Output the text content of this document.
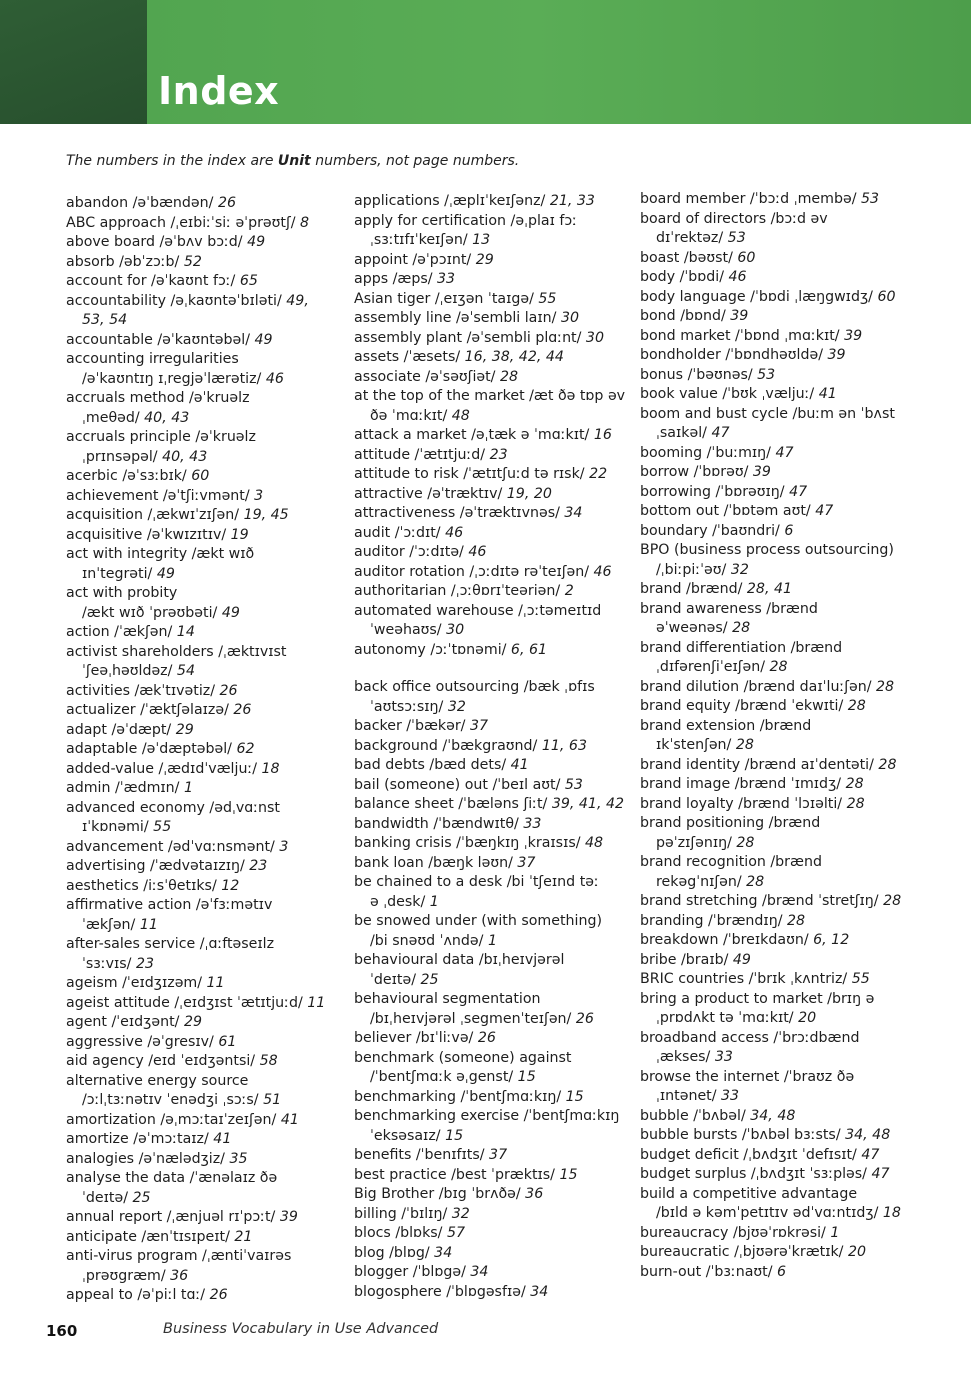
Index
The numbers in the index are Unit numbers, not page numbers.
abandon /əˈbændən/ 26
ABC approach /ˌeɪbiːˈsiː əˈprəʊtʃ/ 8
above board /əˈbʌv bɔːd/ 49
absorb /əbˈzɔːb/ 52
account for /əˈkaʊnt fɔː/ 65
accountability /əˌkaʊntəˈbɪləti/ 49,
53, 54
accountable /əˈkaʊntəbəl/ 49
accounting irregularities
/əˈkaʊntɪŋ ɪˌregjəˈlærətiz/ 46
accruals method /əˈkruəlz
ˌmeθəd/ 40, 43
accruals principle /əˈkruəlz
ˌprɪnsəpəl/ 40, 43
acerbic /əˈsɜːbɪk/ 60
achievement /əˈtʃiːvmənt/ 3
acquisition /ˌækwɪˈzɪʃən/ 19, 45
acquisitive /əˈkwɪzɪtɪv/ 19
act with integrity /ækt wɪð
ɪnˈtegrəti/ 49
act with probity
/ækt wɪð ˈprəʊbəti/ 49
action /ˈækʃən/ 14
activist shareholders /ˌæktɪvɪst
ˈʃeəˌhəʊldəz/ 54
activities /ækˈtɪvətiz/ 26
actualizer /ˈæktʃəlaɪzə/ 26
adapt /əˈdæpt/ 29
adaptable /əˈdæptəbəl/ 62
added-value /ˌædɪdˈvæljuː/ 18
admin /ˈædmɪn/ 1
advanced economy /ədˌvɑːnst
ɪˈkɒnəmi/ 55
advancement /ədˈvɑːnsmənt/ 3
advertising /ˈædvətaɪzɪŋ/ 23
aesthetics /iːsˈθetɪks/ 12
affirmative action /əˈfɜːmətɪv
ˈækʃən/ 11
after-sales service /ˌɑːftəseɪlz
ˈsɜːvɪs/ 23
ageism /ˈeɪdʒɪzəm/ 11
ageist attitude /ˌeɪdʒɪst ˈætɪtjuːd/ 11
agent /ˈeɪdʒənt/ 29
aggressive /əˈgresɪv/ 61
aid agency /eɪd ˈeɪdʒəntsi/ 58
alternative energy source
/ɔːlˌtɜːnətɪv ˈenədʒi ˌsɔːs/ 51
amortization /əˌmɔːtaɪˈzeɪʃən/ 41
amortize /əˈmɔːtaɪz/ 41
analogies /əˈnælədʒiz/ 35
analyse the data /ˈænəlaɪz ðə
ˈdeɪtə/ 25
annual report /ˌænjuəl rɪˈpɔːt/ 39
anticipate /ænˈtɪsɪpeɪt/ 21
anti-virus program /ˌæntiˈvaɪrəs
ˌprəʊgræm/ 36
appeal to /əˈpiːl tɑː/ 26
applications /ˌæplɪˈkeɪʃənz/ 21, 33
apply for certification /əˌplaɪ fɔː
ˌsɜːtɪfɪˈkeɪʃən/ 13
appoint /əˈpɔɪnt/ 29
apps /æps/ 33
Asian tiger /ˌeɪʒən ˈtaɪgə/ 55
assembly line /əˈsembli laɪn/ 30
assembly plant /əˈsembli plɑːnt/ 30
assets /ˈæsets/ 16, 38, 42, 44
associate /əˈsəʊʃiət/ 28
at the top of the market /æt ðə tɒp əv
ðə ˈmɑːkɪt/ 48
attack a market /əˌtæk ə ˈmɑːkɪt/ 16
attitude /ˈætɪtjuːd/ 23
attitude to risk /ˈætɪtʃuːd tə rɪsk/ 22
attractive /əˈtræktɪv/ 19, 20
attractiveness /əˈtræktɪvnəs/ 34
audit /ˈɔːdɪt/ 46
auditor /ˈɔːdɪtə/ 46
auditor rotation /ˌɔːdɪtə rəˈteɪʃən/ 46
authoritarian /ˌɔːθɒrɪˈteəriən/ 2
automated warehouse /ˌɔːtəmeɪtɪd
ˈweəhaʊs/ 30
autonomy /ɔːˈtɒnəmi/ 6, 61
back office outsourcing /bæk ˌɒfɪs
ˈaʊtsɔːsɪŋ/ 32
backer /ˈbækər/ 37
background /ˈbækgraʊnd/ 11, 63
bad debts /bæd dets/ 41
bail (someone) out /ˈbeɪl aʊt/ 53
balance sheet /ˈbæləns ʃiːt/ 39, 41, 42
bandwidth /ˈbændwɪtθ/ 33
banking crisis /ˈbæŋkɪŋ ˌkraɪsɪs/ 48
bank loan /bæŋk ləʊn/ 37
be chained to a desk /bi ˈtʃeɪnd təː
ə ˌdesk/ 1
be snowed under (with something)
/bi snəʊd ˈʌndə/ 1
behavioural data /bɪˌheɪvjərəl
ˈdeɪtə/ 25
behavioural segmentation
/bɪˌheɪvjərəl ˌsegmenˈteɪʃən/ 26
believer /bɪˈliːvə/ 26
benchmark (someone) against
/ˈbentʃmɑːk əˌgenst/ 15
benchmarking /ˈbentʃmɑːkɪŋ/ 15
benchmarking exercise /ˈbentʃmɑːkɪŋ
ˈeksəsaɪz/ 15
benefits /ˈbenɪfɪts/ 37
best practice /best ˈpræktɪs/ 15
Big Brother /bɪg ˈbrʌðə/ 36
billing /ˈbɪlɪŋ/ 32
blocs /blɒks/ 57
blog /blɒg/ 34
blogger /ˈblɒgə/ 34
blogosphere /ˈblɒgəsfɪə/ 34
board member /ˈbɔːd ˌmembə/ 53
board of directors /bɔːd əv
dɪˈrektəz/ 53
boast /bəʊst/ 60
body /ˈbɒdi/ 46
body language /ˈbɒdi ˌlæŋgwɪdʒ/ 60
bond /bɒnd/ 39
bond market /ˈbɒnd ˌmɑːkɪt/ 39
bondholder /ˈbɒndhəʊldə/ 39
bonus /ˈbəʊnəs/ 53
book value /ˈbʊk ˌvæljuː/ 41
boom and bust cycle /buːm ən ˈbʌst
ˌsaɪkəl/ 47
booming /ˈbuːmɪŋ/ 47
borrow /ˈbɒrəʊ/ 39
borrowing /ˈbɒrəʊɪŋ/ 47
bottom out /ˈbɒtəm aʊt/ 47
boundary /ˈbaʊndri/ 6
BPO (business process outsourcing)
/ˌbiːpiːˈəʊ/ 32
brand /brænd/ 28, 41
brand awareness /brænd
əˈweənəs/ 28
brand differentiation /brænd
ˌdɪfərenʃiˈeɪʃən/ 28
brand dilution /brænd daɪˈluːʃən/ 28
brand equity /brænd ˈekwɪti/ 28
brand extension /brænd
ɪkˈstenʃən/ 28
brand identity /brænd aɪˈdentəti/ 28
brand image /brænd ˈɪmɪdʒ/ 28
brand loyalty /brænd ˈlɔɪəlti/ 28
brand positioning /brænd
pəˈzɪʃənɪŋ/ 28
brand recognition /brænd
rekəgˈnɪʃən/ 28
brand stretching /brænd ˈstretʃɪŋ/ 28
branding /ˈbrændɪŋ/ 28
breakdown /ˈbreɪkdaʊn/ 6, 12
bribe /braɪb/ 49
BRIC countries /ˈbrɪk ˌkʌntriz/ 55
bring a product to market /brɪŋ ə
ˌprɒdʌkt tə ˈmɑːkɪt/ 20
broadband access /ˈbrɔːdbænd
ˌækses/ 33
browse the internet /ˈbraʊz ðə
ˌɪntənet/ 33
bubble /ˈbʌbəl/ 34, 48
bubble bursts /ˈbʌbəl bɜːsts/ 34, 48
budget deficit /ˌbʌdʒɪt ˈdefɪsɪt/ 47
budget surplus /ˌbʌdʒɪt ˈsɜːpləs/ 47
build a competitive advantage
/bɪld ə kəmˈpetɪtɪv ədˈvɑːntɪdʒ/ 18
bureaucracy /bjʊəˈrɒkrəsi/ 1
bureaucratic /ˌbjʊərəˈkrætɪk/ 20
burn-out /ˈbɜːnaʊt/ 6
160	Business Vocabulary in Use Advanced
